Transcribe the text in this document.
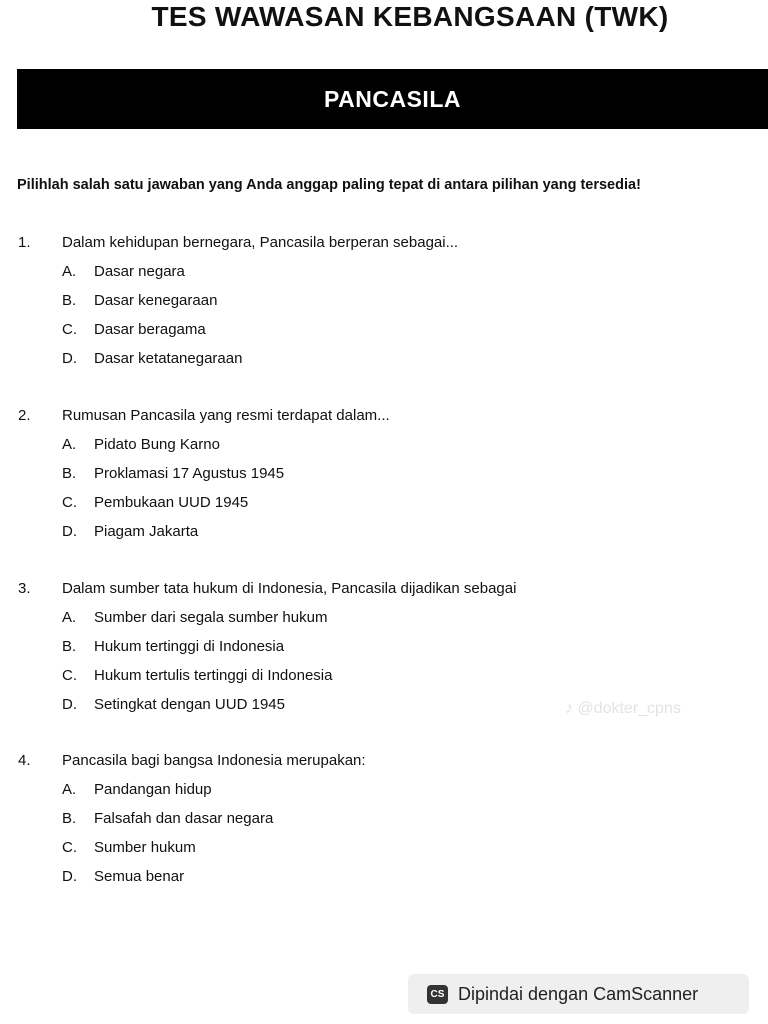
TES WAWASAN KEBANGSAAN (TWK)
PANCASILA
Pilihlah salah satu jawaban yang Anda anggap paling tepat di antara pilihan yang tersedia!
1. Dalam kehidupan bernegara, Pancasila berperan sebagai...
A. Dasar negara
B. Dasar kenegaraan
C. Dasar beragama
D. Dasar ketatanegaraan
2. Rumusan Pancasila yang resmi terdapat dalam...
A. Pidato Bung Karno
B. Proklamasi 17 Agustus 1945
C. Pembukaan UUD 1945
D. Piagam Jakarta
3. Dalam sumber tata hukum di Indonesia, Pancasila dijadikan sebagai
A. Sumber dari segala sumber hukum
B. Hukum tertinggi di Indonesia
C. Hukum tertulis tertinggi di Indonesia
D. Setingkat dengan UUD 1945
4. Pancasila bagi bangsa Indonesia merupakan:
A. Pandangan hidup
B. Falsafah dan dasar negara
C. Sumber hukum
D. Semua benar
♪ @dokter_cpns
CS Dipindai dengan CamScanner
